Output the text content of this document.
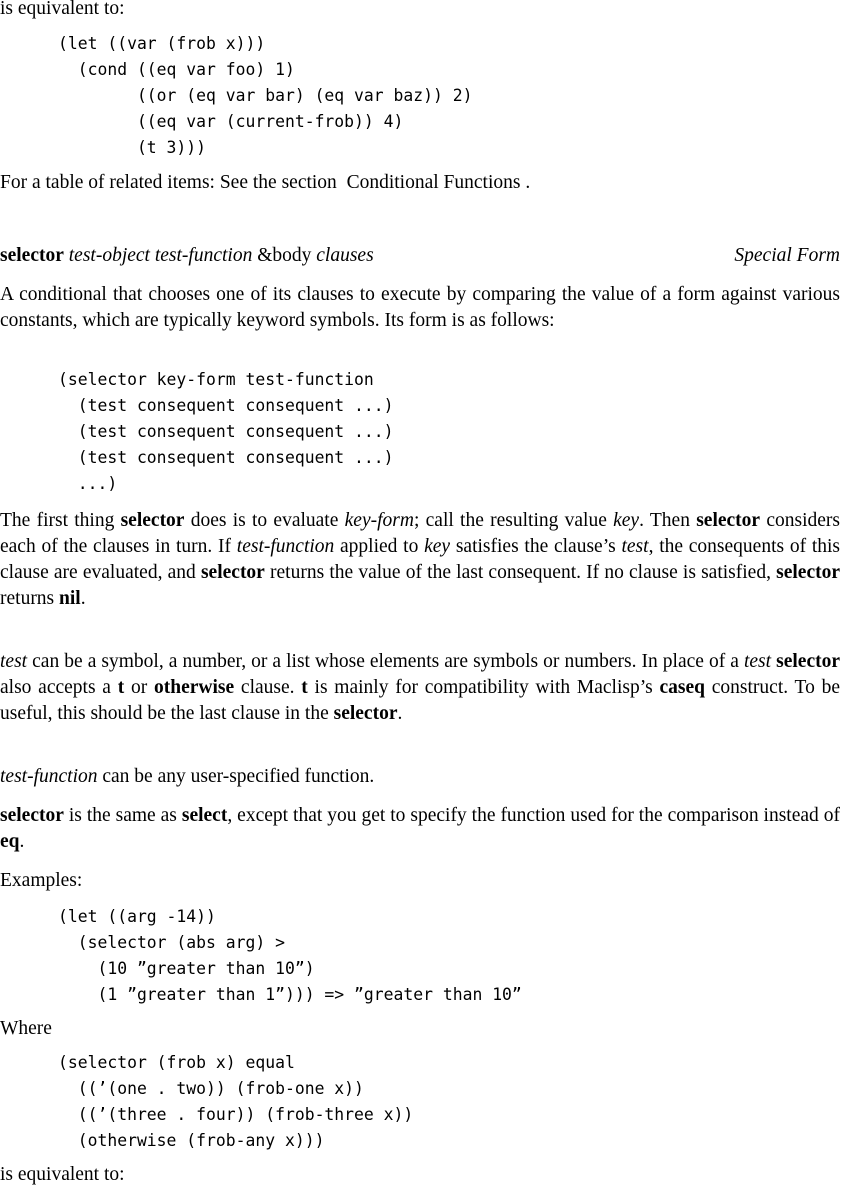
is equivalent to:
(let ((var (frob x)))
(cond ((eq var foo) 1)
((or (eq var bar) (eq var baz)) 2)
((eq var (current-frob)) 4)
(t 3)))
For a table of related items: See the section Conditional Functions .
selector test-object test-function &body clauses	Special Form
A conditional that chooses one of its clauses to execute by comparing the value of a form against various constants, which are typically keyword symbols. Its form is as follows:
(selector key-form test-function
(test consequent consequent ...)
(test consequent consequent ...)
(test consequent consequent ...)
...)
The first thing selector does is to evaluate key-form; call the resulting value key. Then selector considers each of the clauses in turn. If test-function applied to key satisfies the clause’s test, the consequents of this clause are evaluated, and selector returns the value of the last consequent. If no clause is satisfied, selector returns nil.
test can be a symbol, a number, or a list whose elements are symbols or numbers. In place of a test selector also accepts a t or otherwise clause. t is mainly for compatibility with Maclisp’s caseq construct. To be useful, this should be the last clause in the selector.
test-function can be any user-specified function.
selector is the same as select, except that you get to specify the function used for the comparison instead of eq.
Examples:
(let ((arg -14))
(selector (abs arg) >
(10 ”greater than 10”)
(1 ”greater than 1”))) => ”greater than 10”
Where
(selector (frob x) equal
((’(one . two)) (frob-one x))
((’(three . four)) (frob-three x))
(otherwise (frob-any x)))
is equivalent to:
